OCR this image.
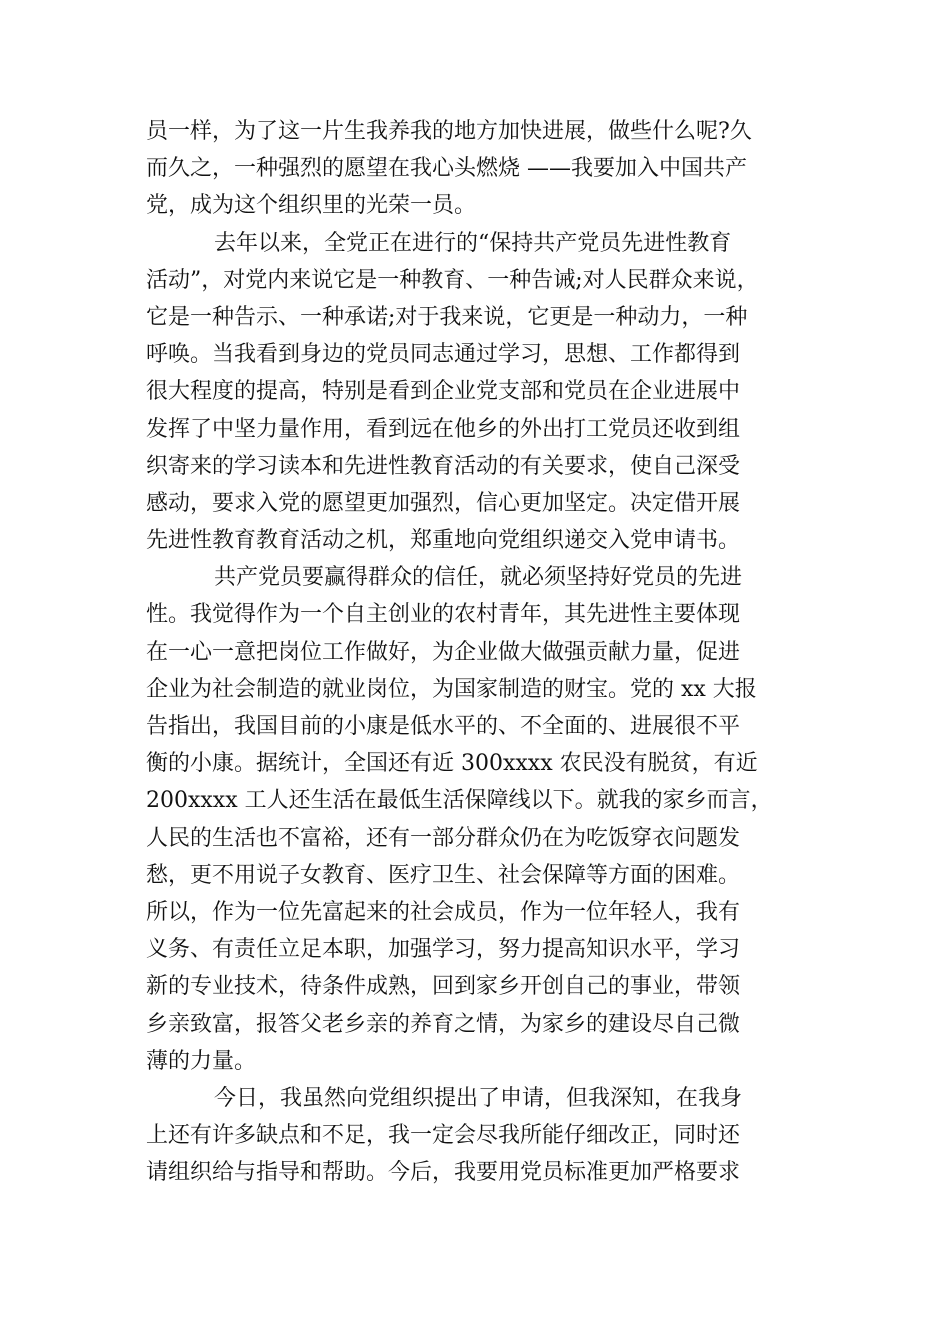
员一样，为了这一片生我养我的地方加快进展，做些什么呢?久
而久之，一种强烈的愿望在我心头燃烧 ——我要加入中国共产
党，成为这个组织里的光荣一员。
去年以来，全党正在进行的“保持共产党员先进性教育
活动”，对党内来说它是一种教育、一种告诫;对人民群众来说，
它是一种告示、一种承诺;对于我来说，它更是一种动力，一种
呼唤。当我看到身边的党员同志通过学习，思想、工作都得到
很大程度的提高，特别是看到企业党支部和党员在企业进展中
发挥了中坚力量作用，看到远在他乡的外出打工党员还收到组
织寄来的学习读本和先进性教育活动的有关要求，使自己深受
感动，要求入党的愿望更加强烈，信心更加坚定。决定借开展
先进性教育教育活动之机，郑重地向党组织递交入党申请书。
共产党员要赢得群众的信任，就必须坚持好党员的先进
性。我觉得作为一个自主创业的农村青年，其先进性主要体现
在一心一意把岗位工作做好，为企业做大做强贡献力量，促进
企业为社会制造的就业岗位，为国家制造的财宝。党的 xx 大报
告指出，我国目前的小康是低水平的、不全面的、进展很不平
衡的小康。据统计，全国还有近 300xxxx 农民没有脱贫，有近
200xxxx 工人还生活在最低生活保障线以下。就我的家乡而言，
人民的生活也不富裕，还有一部分群众仍在为吃饭穿衣问题发
愁，更不用说子女教育、医疗卫生、社会保障等方面的困难。
所以，作为一位先富起来的社会成员，作为一位年轻人，我有
义务、有责任立足本职，加强学习，努力提高知识水平，学习
新的专业技术，待条件成熟，回到家乡开创自己的事业，带领
乡亲致富，报答父老乡亲的养育之情，为家乡的建设尽自己微
薄的力量。
今日，我虽然向党组织提出了申请，但我深知，在我身
上还有许多缺点和不足，我一定会尽我所能仔细改正，同时还
请组织给与指导和帮助。今后，我要用党员标准更加严格要求
